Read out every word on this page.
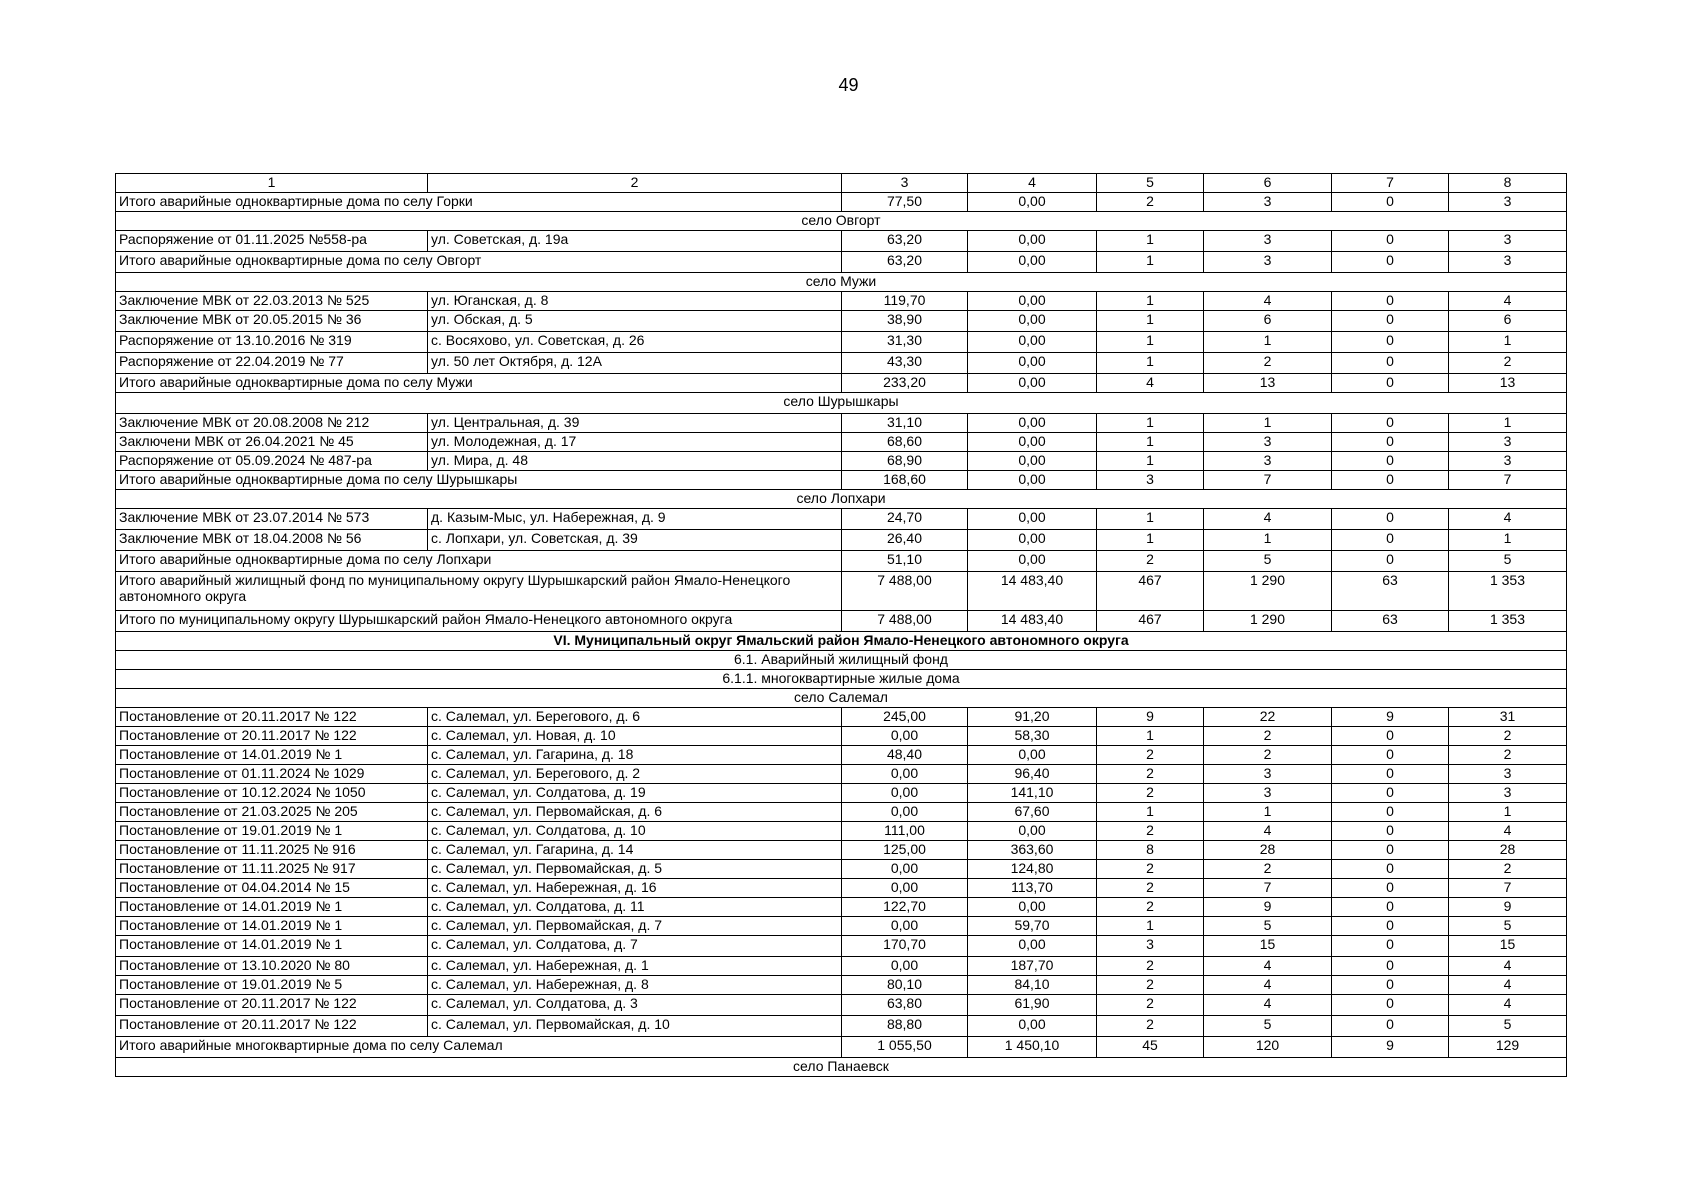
49
1	2	3	4	5	6	7	8
Итого аварийные одноквартирные дома по селу Горки		77,50	0,00	2	3	0	3
село Овгорт							
Распоряжение от 01.11.2025 №558-ра	ул. Советская, д. 19а	63,20	0,00	1	3	0	3
Итого аварийные одноквартирные дома по селу Овгорт		63,20	0,00	1	3	0	3
село Мужи							
Заключение МВК от 22.03.2013 № 525	ул. Юганская, д. 8	119,70	0,00	1	4	0	4
Заключение МВК от 20.05.2015 № 36	ул. Обская, д. 5	38,90	0,00	1	6	0	6
Распоряжение от 13.10.2016 № 319	с. Восяхово, ул. Советская, д. 26	31,30	0,00	1	1	0	1
Распоряжение от 22.04.2019 № 77	ул. 50 лет Октября, д. 12А	43,30	0,00	1	2	0	2
Итого аварийные одноквартирные дома по селу Мужи		233,20	0,00	4	13	0	13
село Шурышкары							
Заключение МВК от 20.08.2008 № 212	ул. Центральная, д. 39	31,10	0,00	1	1	0	1
Заключени МВК от 26.04.2021 № 45	ул. Молодежная, д. 17	68,60	0,00	1	3	0	3
Распоряжение от 05.09.2024 № 487-ра	ул. Мира, д. 48	68,90	0,00	1	3	0	3
Итого аварийные одноквартирные дома по селу Шурышкары		168,60	0,00	3	7	0	7
село Лопхари							
Заключение МВК от 23.07.2014 № 573	д. Казым-Мыс, ул. Набережная, д. 9	24,70	0,00	1	4	0	4
Заключение МВК от 18.04.2008 № 56	с. Лопхари, ул. Советская, д. 39	26,40	0,00	1	1	0	1
Итого аварийные одноквартирные дома по селу Лопхари		51,10	0,00	2	5	0	5
Итого аварийный жилищный фонд по муниципальному округу Шурышкарский район Ямало-Ненецкого автономного округа		7 488,00	14 483,40	467	1 290	63	1 353
Итого по муниципальному округу Шурышкарский район Ямало-Ненецкого автономного округа		7 488,00	14 483,40	467	1 290	63	1 353
VI. Муниципальный округ Ямальский район Ямало-Ненецкого автономного округа							
6.1. Аварийный жилищный фонд							
6.1.1. многоквартирные жилые дома							
село Салемал							
Постановление от 20.11.2017 № 122	с. Салемал, ул. Берегового, д. 6	245,00	91,20	9	22	9	31
Постановление от 20.11.2017 № 122	с. Салемал, ул. Новая, д. 10	0,00	58,30	1	2	0	2
Постановление от 14.01.2019 № 1	с. Салемал, ул. Гагарина, д. 18	48,40	0,00	2	2	0	2
Постановление от 01.11.2024 № 1029	с. Салемал, ул. Берегового, д. 2	0,00	96,40	2	3	0	3
Постановление от 10.12.2024 № 1050	с. Салемал, ул. Солдатова, д. 19	0,00	141,10	2	3	0	3
Постановление от 21.03.2025 № 205	с. Салемал, ул. Первомайская, д. 6	0,00	67,60	1	1	0	1
Постановление от 19.01.2019 № 1	с. Салемал, ул. Солдатова, д. 10	111,00	0,00	2	4	0	4
Постановление от 11.11.2025 № 916	с. Салемал, ул. Гагарина, д. 14	125,00	363,60	8	28	0	28
Постановление от 11.11.2025 № 917	с. Салемал, ул. Первомайская, д. 5	0,00	124,80	2	2	0	2
Постановление от 04.04.2014 № 15	с. Салемал, ул. Набережная, д. 16	0,00	113,70	2	7	0	7
Постановление от 14.01.2019 № 1	с. Салемал, ул. Солдатова, д. 11	122,70	0,00	2	9	0	9
Постановление от 14.01.2019 № 1	с. Салемал, ул. Первомайская, д. 7	0,00	59,70	1	5	0	5
Постановление от 14.01.2019 № 1	с. Салемал, ул. Солдатова, д. 7	170,70	0,00	3	15	0	15
Постановление от 13.10.2020 № 80	с. Салемал, ул. Набережная, д. 1	0,00	187,70	2	4	0	4
Постановление от 19.01.2019 № 5	с. Салемал, ул. Набережная, д. 8	80,10	84,10	2	4	0	4
Постановление от 20.11.2017 № 122	с. Салемал, ул. Солдатова, д. 3	63,80	61,90	2	4	0	4
Постановление от 20.11.2017 № 122	с. Салемал, ул. Первомайская, д. 10	88,80	0,00	2	5	0	5
Итого аварийные многоквартирные дома по селу Салемал		1 055,50	1 450,10	45	120	9	129
село Панаевск							
